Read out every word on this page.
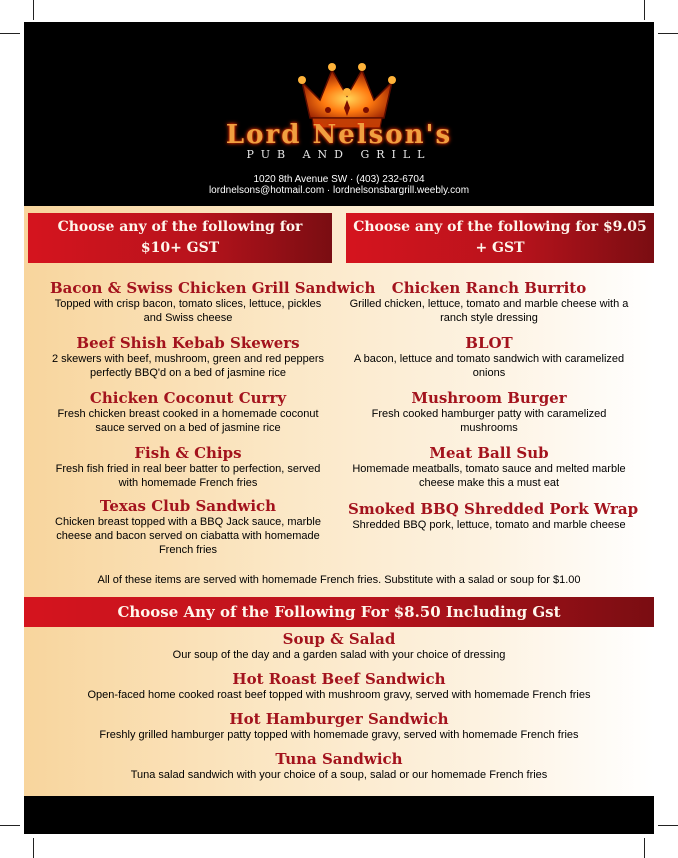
Lord Nelson's
PUB AND GRILL
1020 8th Avenue SW · (403) 232-6704
lordnelsons@hotmail.com · lordnelsonsbargrill.weebly.com
Choose any of the following for
$10+ GST
Choose any of the following for $9.05
+ GST
Bacon & Swiss Chicken Grill Sandwich
Topped with crisp bacon, tomato slices, lettuce, pickles and Swiss cheese
Beef Shish Kebab Skewers
2 skewers with beef, mushroom, green and red peppers perfectly BBQ'd on a bed of jasmine rice
Chicken Coconut Curry
Fresh chicken breast cooked in a homemade coconut sauce served on a bed of jasmine rice
Fish & Chips
Fresh fish fried in real beer batter to perfection, served with homemade French fries
Texas Club Sandwich
Chicken breast topped with a BBQ Jack sauce, marble cheese and bacon served on ciabatta with homemade French fries
Chicken Ranch Burrito
Grilled chicken, lettuce, tomato and marble cheese with a ranch style dressing
BLOT
A bacon, lettuce and tomato sandwich with caramelized onions
Mushroom Burger
Fresh cooked hamburger patty with caramelized mushrooms
Meat Ball Sub
Homemade meatballs, tomato sauce and melted marble cheese make this a must eat
Smoked BBQ Shredded Pork Wrap
Shredded BBQ pork, lettuce, tomato and marble cheese
All of these items are served with homemade French fries. Substitute with a salad or soup for $1.00
Choose Any of the Following For $8.50 Including Gst
Soup & Salad
Our soup of the day and a garden salad with your choice of dressing
Hot Roast Beef Sandwich
Open-faced home cooked roast beef topped with mushroom gravy, served with homemade French fries
Hot Hamburger Sandwich
Freshly grilled hamburger patty topped with homemade gravy, served with homemade French fries
Tuna Sandwich
Tuna salad sandwich with your choice of a soup, salad or our homemade French fries
